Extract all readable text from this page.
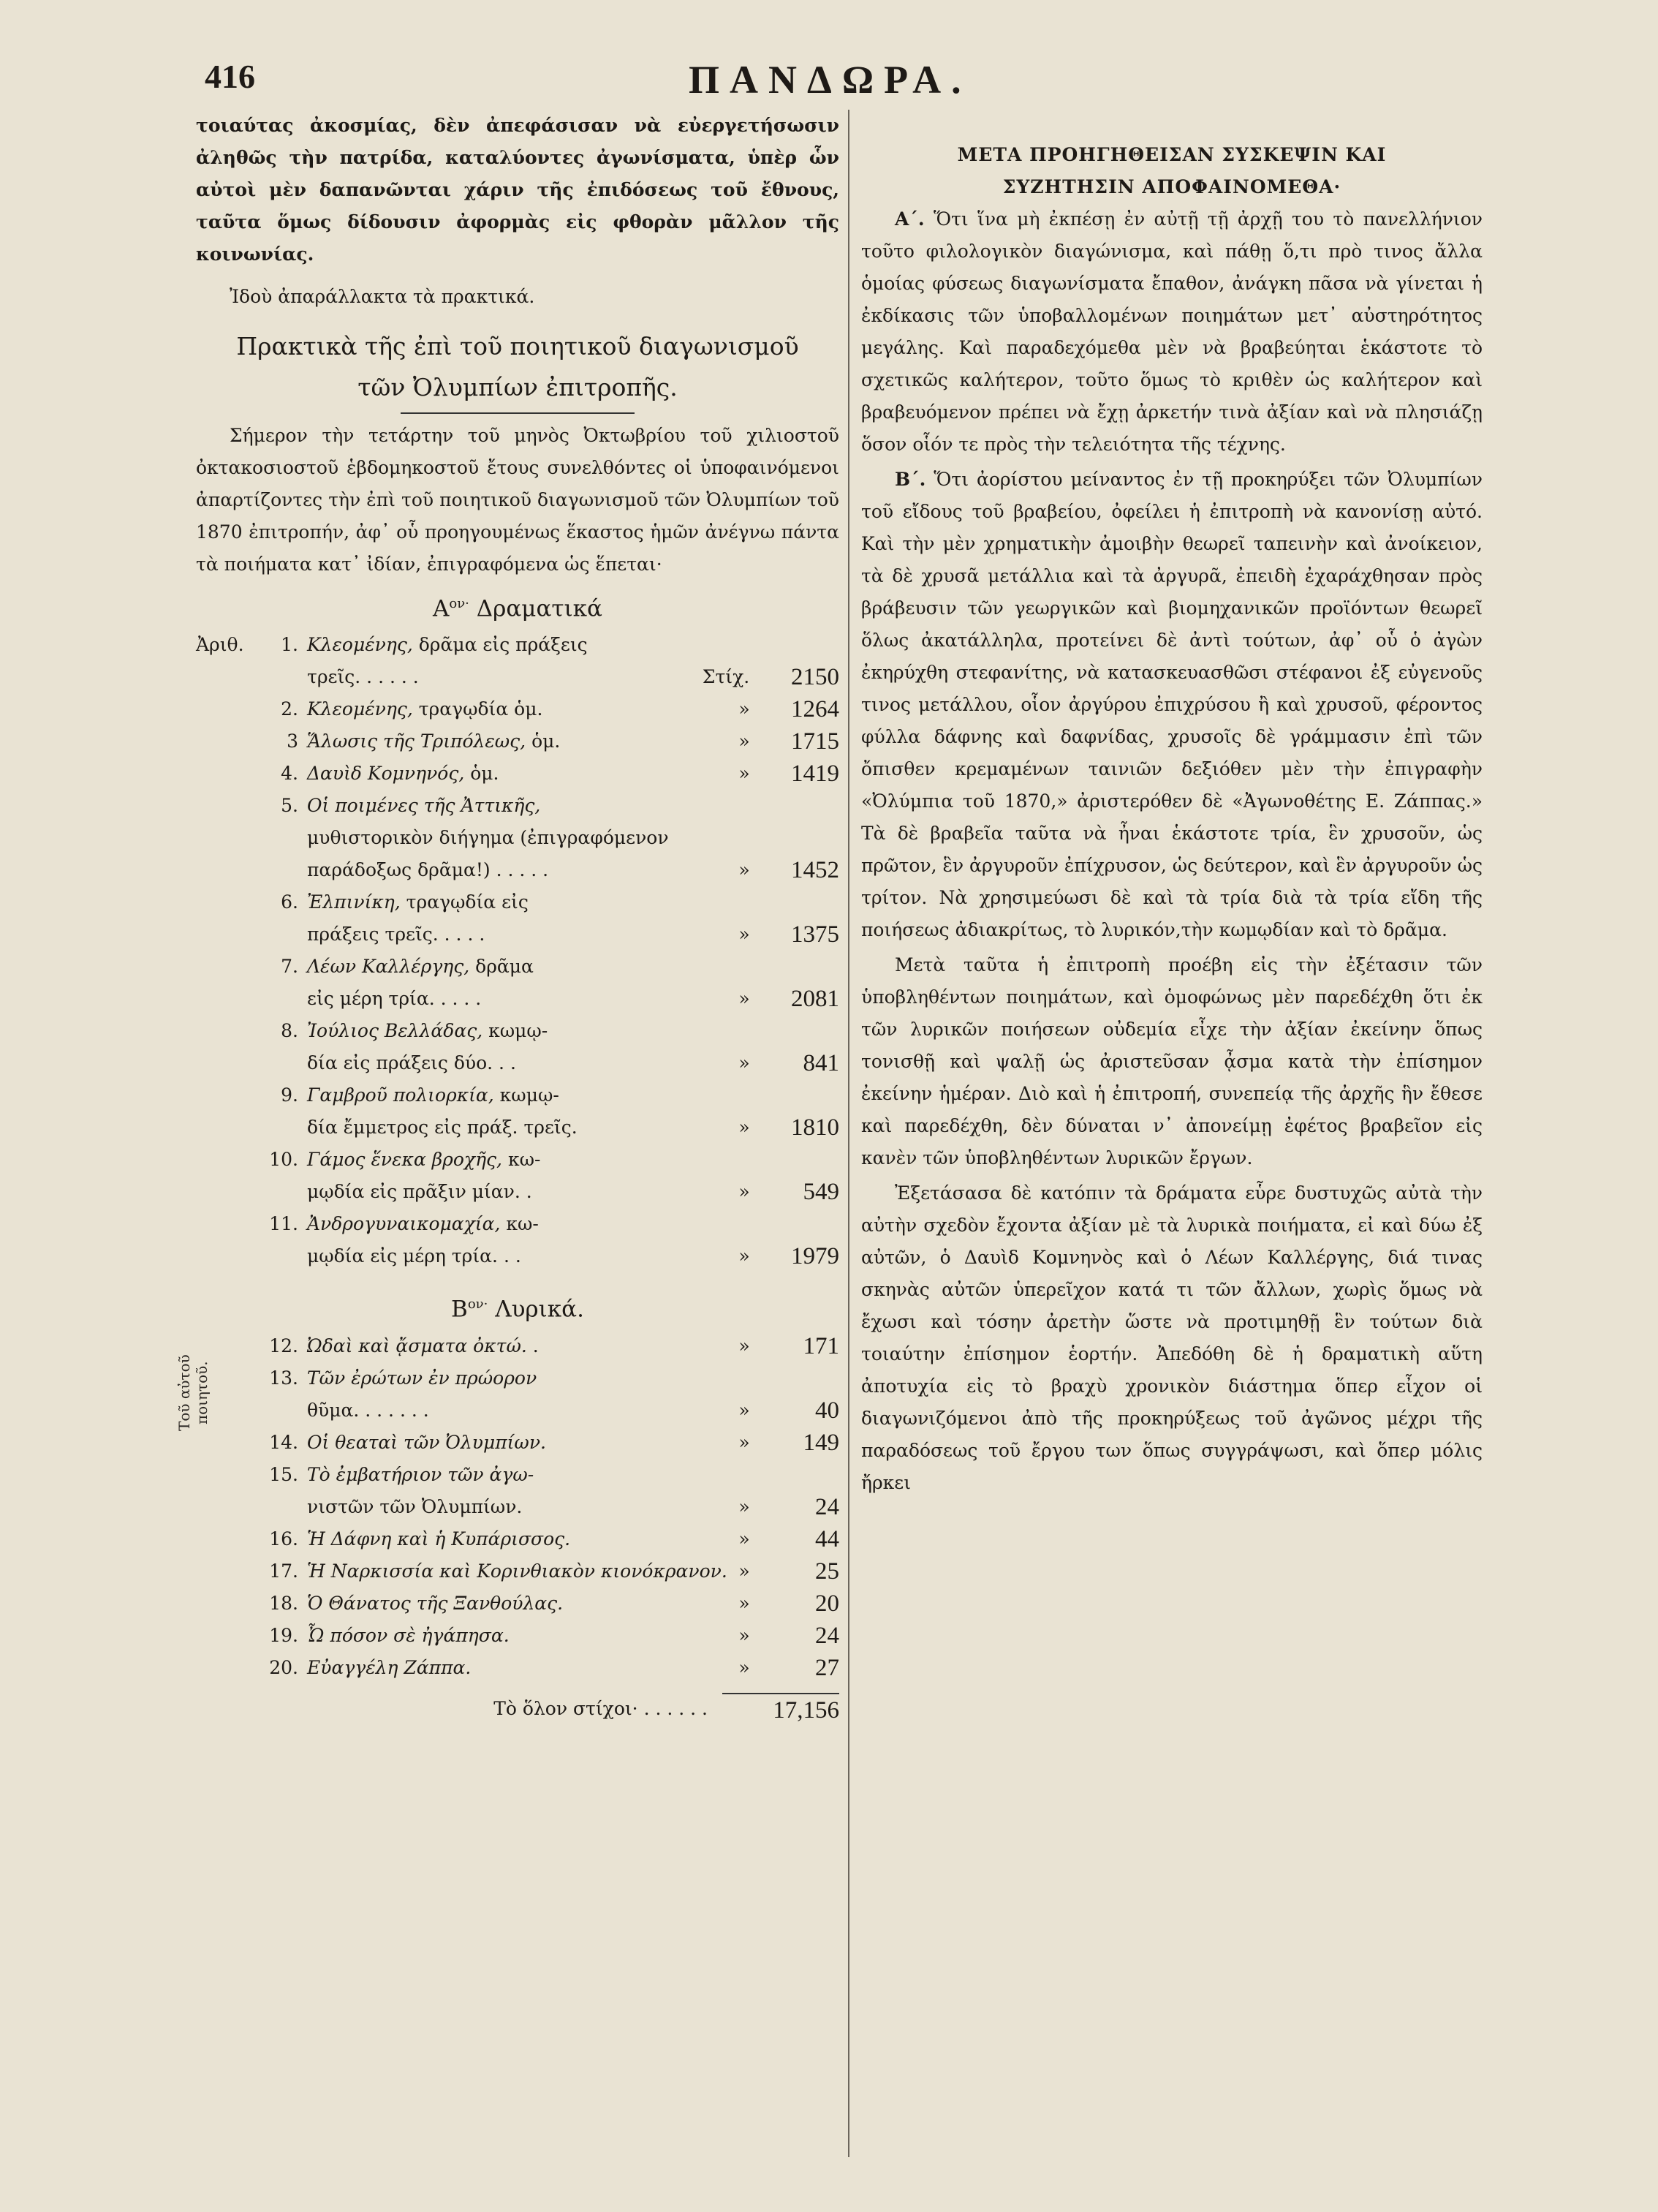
416	ΠΑΝΔΩΡΑ.

τοιαύτας ἀκοσμίας, δὲν ἀπεφάσισαν νὰ εὐεργετήσωσιν ἀληθῶς τὴν πατρίδα, καταλύοντες ἀγωνίσματα, ὑπὲρ ὧν αὐτοὶ μὲν δαπανῶνται χάριν τῆς ἐπιδόσεως τοῦ ἔθνους, ταῦτα ὅμως δίδουσιν ἀφορμὰς εἰς φθορὰν μᾶλλον τῆς κοινωνίας.

Ἰδοὺ ἀπαράλλακτα τὰ πρακτικά.

Πρακτικὰ τῆς ἐπὶ τοῦ ποιητικοῦ διαγωνισμοῦ

τῶν Ὀλυμπίων ἐπιτροπῆς.

Σήμερον τὴν τετάρτην τοῦ μηνὸς Ὀκτωβρίου τοῦ χιλιοστοῦ ὀκτακοσιοστοῦ ἑβδομηκοστοῦ ἔτους συνελθόντες οἱ ὑποφαινόμενοι ἀπαρτίζοντες τὴν ἐπὶ τοῦ ποιητικοῦ διαγωνισμοῦ τῶν Ὀλυμπίων τοῦ 1870 ἐπιτροπήν, ἀφ᾽ οὗ προηγουμένως ἕκαστος ἡμῶν ἀνέγνω πάντα τὰ ποιήματα κατ᾽ ἰδίαν, ἐπιγραφόμενα ὡς ἕπεται·

$A^{o\nu\cdot}$ Δραματικά
Ἀριθ.	1. Κλεομένης, δρᾶμα εἰς πράξεις
τρεῖς. . . . . .	Στίχ.	2150
2. Κλεομένης, τραγῳδία ὁμ.	»	1264
3 Ἅλωσις τῆς Τριπόλεως, ὁμ.	»	1715
4. Δαυὶδ Κομνηνός, ὁμ.	»	1419
5. Οἱ ποιμένες τῆς Ἀττικῆς,
μυθιστορικὸν διήγημα (ἐπιγραφόμενον παράδοξως δρᾶμα!) . . . . .	»	1452
6. Ἐλπινίκη, τραγῳδία εἰς
πράξεις τρεῖς. . . . .	»	1375
7. Λέων Καλλέργης, δρᾶμα
εἰς μέρη τρία. . . . .	»	2081
8. Ἰούλιος Βελλάδας, κωμῳ-
δία εἰς πράξεις δύο. . .	»	841
9. Γαμβροῦ πολιορκία, κωμῳ-
δία ἔμμετρος εἰς πράξ. τρεῖς.	»	1810
10. Γάμος ἕνεκα βροχῆς, κω-
μῳδία εἰς πρᾶξιν μίαν. .	»	549
11. Ἀνδρογυναικομαχία, κω-
μῳδία εἰς μέρη τρία. . .	»	1979
$B^{o\nu\cdot}$ Λυρικά.
12. Ὠδαὶ καὶ ᾄσματα ὀκτώ. .	»	171
13. Τῶν ἐρώτων ἐν πρώορον
θῦμα. . . . . . .	»	40
14. Οἱ θεαταὶ τῶν Ὀλυμπίων.	»	149
15. Τὸ ἐμβατήριον τῶν ἀγω-
νιστῶν τῶν Ὀλυμπίων.	»	24
16. Ἡ Δάφνη καὶ ἡ Κυπάρισσος.	»	44
17. Ἡ Ναρκισσία καὶ Κορινθιακὸν κιονόκρανον. »	25
18. Ὁ Θάνατος τῆς Ξανθούλας.	»	20
19. Ὦ πόσον σὲ ἠγάπησα.	»	24
20. Εὐαγγέλη Ζάππα.	»	27
Τὸ ὅλον στίχοι· . . . . . .	17,156
Τοῦ αὐτοῦ ποιητοῦ.
ΜΕΤΑ ΠΡΟΗΓΗΘΕΙΣΑΝ ΣΥΣΚΕΨΙΝ ΚΑΙ
ΣΥΖΗΤΗΣΙΝ ΑΠΟΦΑΙΝΟΜΕΘΑ·

Α΄. Ὅτι ἵνα μὴ ἐκπέσῃ ἐν αὐτῇ τῇ ἀρχῇ του τὸ πανελλήνιον τοῦτο φιλολογικὸν διαγώνισμα, καὶ πάθῃ ὅ,τι πρὸ τινος ἄλλα ὁμοίας φύσεως διαγωνίσματα ἔπαθον, ἀνάγκη πᾶσα νὰ γίνεται ἡ ἐκδίκασις τῶν ὑποβαλλομένων ποιημάτων μετ᾽ αὐστηρότητος μεγάλης. Καὶ παραδεχόμεθα μὲν νὰ βραβεύηται ἑκάστοτε τὸ σχετικῶς καλήτερον, τοῦτο ὅμως τὸ κριθὲν ὡς καλήτερον καὶ βραβευόμενον πρέπει νὰ ἔχῃ ἀρκετήν τινὰ ἀξίαν καὶ νὰ πλησιάζῃ ὅσον οἷόν τε πρὸς τὴν τελειότητα τῆς τέχνης.

Β΄. Ὅτι ἀορίστου μείναντος ἐν τῇ προκηρύξει τῶν Ὀλυμπίων τοῦ εἴδους τοῦ βραβείου, ὀφείλει ἡ ἐπιτροπὴ νὰ κανονίσῃ αὐτό. Καὶ τὴν μὲν χρηματικὴν ἀμοιβὴν θεωρεῖ ταπεινὴν καὶ ἀνοίκειον, τὰ δὲ χρυσᾶ μετάλλια καὶ τὰ ἀργυρᾶ, ἐπειδὴ ἐχαράχθησαν πρὸς βράβευσιν τῶν γεωργικῶν καὶ βιομηχανικῶν προϊόντων θεωρεῖ ὅλως ἀκατάλληλα, προτείνει δὲ ἀντὶ τούτων, ἀφ᾽ οὗ ὁ ἀγὼν ἐκηρύχθη στεφανίτης, νὰ κατασκευασθῶσι στέφανοι ἐξ εὐγενοῦς τινος μετάλλου, οἷον ἀργύρου ἐπιχρύσου ἢ καὶ χρυσοῦ, φέροντος φύλλα δάφνης καὶ δαφνίδας, χρυσοῖς δὲ γράμμασιν ἐπὶ τῶν ὄπισθεν κρεμαμένων ταινιῶν δεξιόθεν μὲν τὴν ἐπιγραφὴν «Ὀλύμπια τοῦ 1870,» ἀριστερόθεν δὲ «Ἀγωνοθέτης Ε. Ζάππας.» Τὰ δὲ βραβεῖα ταῦτα νὰ ἦναι ἑκάστοτε τρία, ἓν χρυσοῦν, ὡς πρῶτον, ἓν ἀργυροῦν ἐπίχρυσον, ὡς δεύτερον, καὶ ἓν ἀργυροῦν ὡς τρίτον. Νὰ χρησιμεύωσι δὲ καὶ τὰ τρία διὰ τὰ τρία εἴδη τῆς ποιήσεως ἀδιακρίτως, τὸ λυρικόν,τὴν κωμῳδίαν καὶ τὸ δρᾶμα.

Μετὰ ταῦτα ἡ ἐπιτροπὴ προέβη εἰς τὴν ἐξέτασιν τῶν ὑποβληθέντων ποιημάτων, καὶ ὁμοφώνως μὲν παρεδέχθη ὅτι ἐκ τῶν λυρικῶν ποιήσεων οὐδεμία εἶχε τὴν ἀξίαν ἐκείνην ὅπως τονισθῇ καὶ ψαλῇ ὡς ἀριστεῦσαν ᾆσμα κατὰ τὴν ἐπίσημον ἐκείνην ἡμέραν. Διὸ καὶ ἡ ἐπιτροπή, συνεπείᾳ τῆς ἀρχῆς ἣν ἔθεσε καὶ παρεδέχθη, δὲν δύναται ν᾽ ἀπονείμῃ ἐφέτος βραβεῖον εἰς κανὲν τῶν ὑποβληθέντων λυρικῶν ἔργων.

Ἐξετάσασα δὲ κατόπιν τὰ δράματα εὗρε δυστυχῶς αὐτὰ τὴν αὐτὴν σχεδὸν ἔχοντα ἀξίαν μὲ τὰ λυρικὰ ποιήματα, εἰ καὶ δύω ἐξ αὐτῶν, ὁ Δαυὶδ Κομνηνὸς καὶ ὁ Λέων Καλλέργης, διά τινας σκηνὰς αὐτῶν ὑπερεῖχον κατά τι τῶν ἄλλων, χωρὶς ὅμως νὰ ἔχωσι καὶ τόσην ἀρετὴν ὥστε νὰ προτιμηθῇ ἓν τούτων διὰ τοιαύτην ἐπίσημον ἑορτήν. Ἀπεδόθη δὲ ἡ δραματικὴ αὕτη ἀποτυχία εἰς τὸ βραχὺ χρονικὸν διάστημα ὅπερ εἶχον οἱ διαγωνιζόμενοι ἀπὸ τῆς προκηρύξεως τοῦ ἀγῶνος μέχρι τῆς παραδόσεως τοῦ ἔργου των ὅπως συγγράψωσι, καὶ ὅπερ μόλις ἤρκει
